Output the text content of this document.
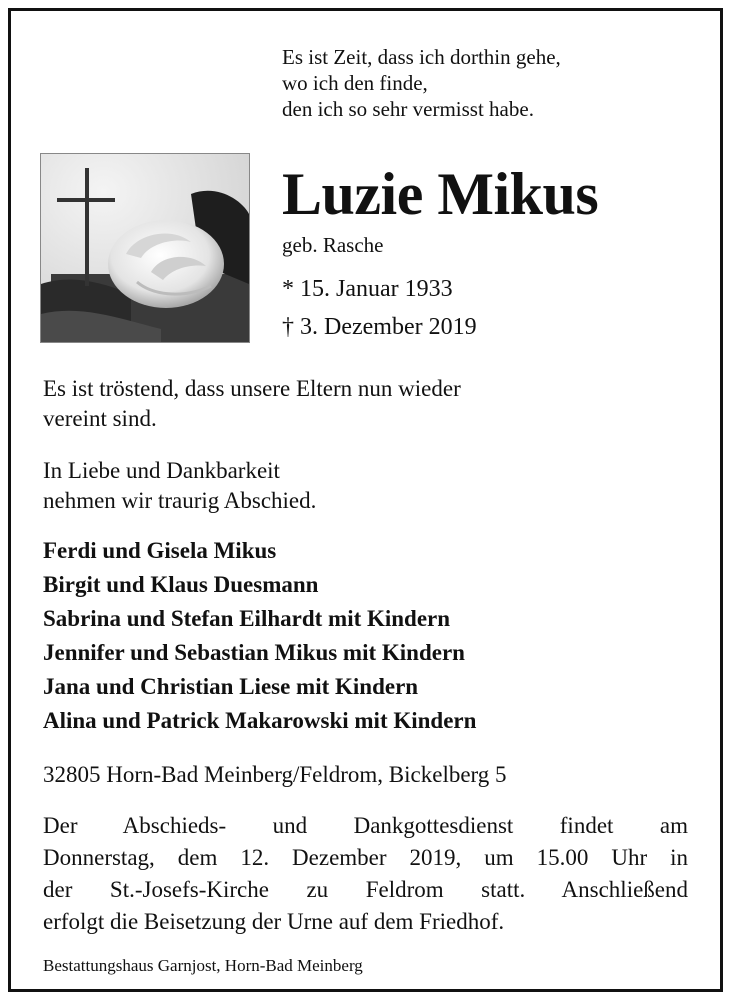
Es ist Zeit, dass ich dorthin gehe,
wo ich den finde,
den ich so sehr vermisst habe.
Luzie Mikus
geb. Rasche
* 15. Januar 1933
† 3. Dezember 2019
Es ist tröstend, dass unsere Eltern nun wieder
vereint sind.
In Liebe und Dankbarkeit
nehmen wir traurig Abschied.
Ferdi und Gisela Mikus
Birgit und Klaus Duesmann
Sabrina und Stefan Eilhardt mit Kindern
Jennifer und Sebastian Mikus mit Kindern
Jana und Christian Liese mit Kindern
Alina und Patrick Makarowski mit Kindern
32805 Horn-Bad Meinberg/Feldrom, Bickelberg 5
Der Abschieds- und Dankgottesdienst findet am
Donnerstag, dem 12. Dezember 2019, um 15.00 Uhr in
der St.-Josefs-Kirche zu Feldrom statt. Anschließend
erfolgt die Beisetzung der Urne auf dem Friedhof.
Bestattungshaus Garnjost, Horn-Bad Meinberg
